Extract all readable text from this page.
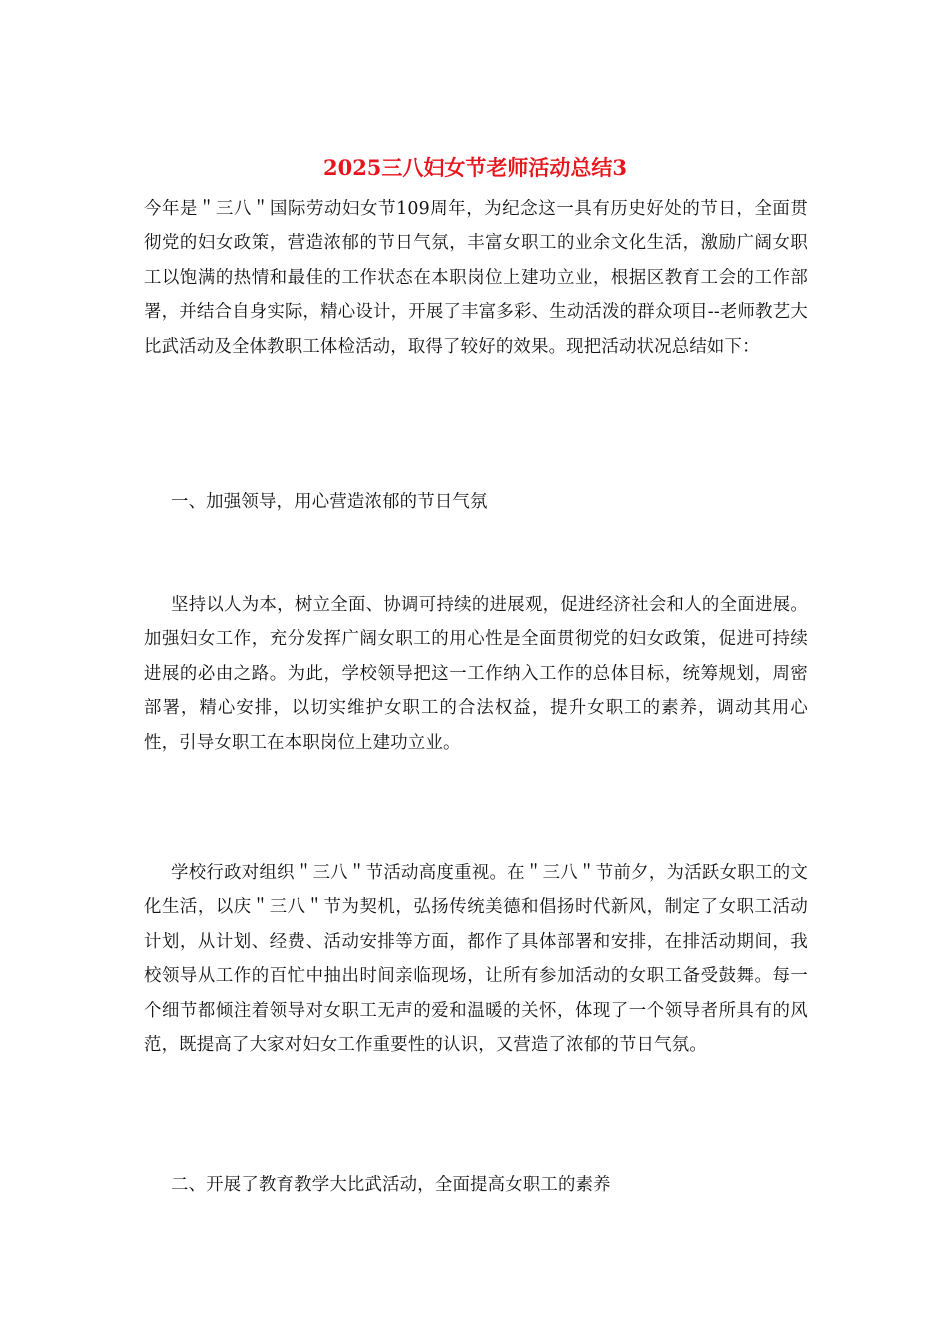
2025三八妇女节老师活动总结3

今年是＂三八＂国际劳动妇女节109周年，为纪念这一具有历史好处的节日，全面贯彻党的妇女政策，营造浓郁的节日气氛，丰富女职工的业余文化生活，激励广阔女职工以饱满的热情和最佳的工作状态在本职岗位上建功立业，根据区教育工会的工作部署，并结合自身实际，精心设计，开展了丰富多彩、生动活泼的群众项目--老师教艺大比武活动及全体教职工体检活动，取得了较好的效果。现把活动状况总结如下：

一、加强领导，用心营造浓郁的节日气氛

坚持以人为本，树立全面、协调可持续的进展观，促进经济社会和人的全面进展。加强妇女工作，充分发挥广阔女职工的用心性是全面贯彻党的妇女政策，促进可持续进展的必由之路。为此，学校领导把这一工作纳入工作的总体目标，统筹规划，周密部署，精心安排，以切实维护女职工的合法权益，提升女职工的素养，调动其用心性，引导女职工在本职岗位上建功立业。

学校行政对组织＂三八＂节活动高度重视。在＂三八＂节前夕，为活跃女职工的文化生活，以庆＂三八＂节为契机，弘扬传统美德和倡扬时代新风，制定了女职工活动计划，从计划、经费、活动安排等方面，都作了具体部署和安排，在排活动期间，我校领导从工作的百忙中抽出时间亲临现场，让所有参加活动的女职工备受鼓舞。每一个细节都倾注着领导对女职工无声的爱和温暖的关怀，体现了一个领导者所具有的风范，既提高了大家对妇女工作重要性的认识，又营造了浓郁的节日气氛。

二、开展了教育教学大比武活动，全面提高女职工的素养
